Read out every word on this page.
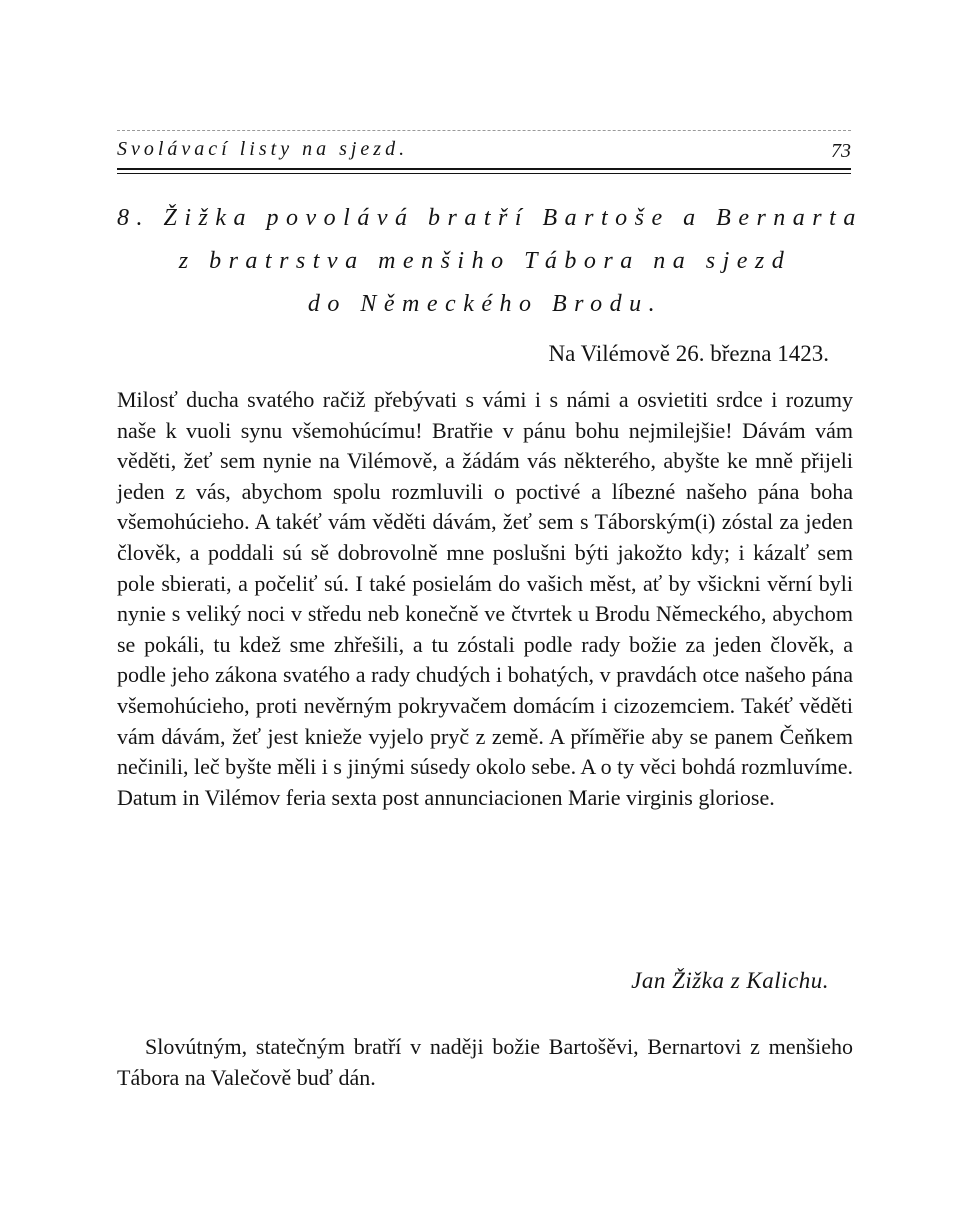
Svolávací listy na sjezd.	73
8. Žižka povolává bratří Bartoše a Bernarta
z bratrstva menšiho Tábora na sjezd
do Německého Brodu.
Na Vilémově 26. března 1423.
Milosť ducha svatého račiž přebývati s vámi i s námi a osvietiti srdce i rozumy naše k vuoli synu všemohúcímu! Bratřie v pánu bohu nejmilejšie! Dávám vám věděti, žeť sem nynie na Vilémově, a žádám vás některého, abyšte ke mně přijeli jeden z vás, abychom spolu rozmluvili o poctivé a líbezné našeho pána boha všemohúcieho. A takéť vám věděti dávám, žeť sem s Táborským(i) zóstal za jeden člověk, a poddali sú sě dobrovolně mne poslušni býti jakožto kdy; i kázalť sem pole sbierati, a počeliť sú. I také posielám do vašich měst, ať by všickni věrní byli nynie s veliký noci v středu neb konečně ve čtvrtek u Brodu Německého, abychom se pokáli, tu kdež sme zhřešili, a tu zóstali podle rady božie za jeden člověk, a podle jeho zákona svatého a rady chudých i bohatých, v pravdách otce našeho pána všemohúcieho, proti nevěrným pokryvačem domácím i cizozemciem. Takéť věděti vám dávám, žeť jest knieže vyjelo pryč z země. A příměřie aby se panem Čeňkem nečinili, leč byšte měli i s jinými súsedy okolo sebe. A o ty věci bohdá rozmluvíme. Datum in Vilémov feria sexta post annunciacionen Marie virginis gloriose.
Jan Žižka z Kalichu.
Slovútným, statečným bratří v naději božie Bartošěvi, Bernartovi z menšieho Tábora na Valečově buď dán.
